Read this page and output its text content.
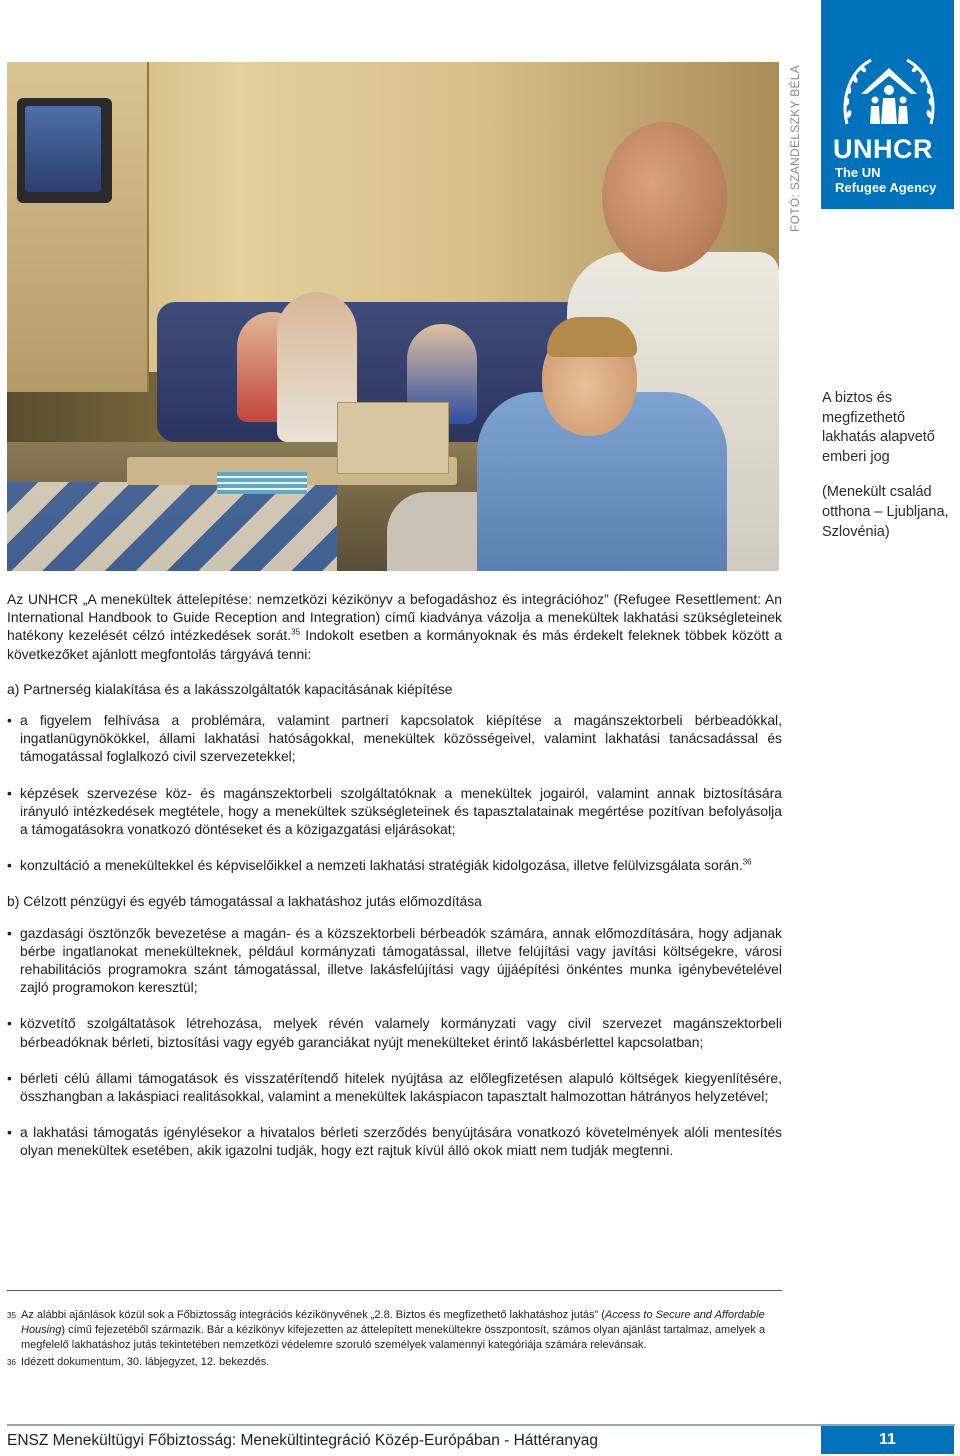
FOTÓ: SZANDELSZKY BÉLA UNHCR
The UN
Refugee Agency

A biztos és megfizethető lakhatás alapvető emberi jog

(Menekült család otthona – Ljubljana, Szlovénia)

Az UNHCR „A menekültek áttelepítése: nemzetközi kézikönyv a befogadáshoz és integrációhoz” (Refugee Resettlement: An International Handbook to Guide Reception and Integration) című kiadványa vázolja a menekültek lakhatási szükségleteinek hatékony kezelését célzó intézkedések sorát.$^{35}$ Indokolt esetben a kormányoknak és más érdekelt feleknek többek között a következőket ajánlott megfontolás tárgyává tenni:

a) Partnerség kialakítása és a lakásszolgáltatók kapacitásának kiépítése

• a figyelem felhívása a problémára, valamint partneri kapcsolatok kiépítése a magánszektorbeli bérbeadókkal, ingatlanügynökökkel, állami lakhatási hatóságokkal, menekültek közösségeivel, valamint lakhatási tanácsadással és támogatással foglalkozó civil szervezetekkel;
• képzések szervezése köz- és magánszektorbeli szolgáltatóknak a menekültek jogairól, valamint annak biztosítására irányuló intézkedések megtétele, hogy a menekültek szükségleteinek és tapasztalatainak megértése pozitívan befolyásolja a támogatásokra vonatkozó döntéseket és a közigazgatási eljárásokat;
• konzultáció a menekültekkel és képviselőikkel a nemzeti lakhatási stratégiák kidolgozása, illetve felülvizsgálata során.$^{36}$

b) Célzott pénzügyi és egyéb támogatással a lakhatáshoz jutás előmozdítása

• gazdasági ösztönzők bevezetése a magán- és a közszektorbeli bérbeadók számára, annak előmozdítására, hogy adjanak bérbe ingatlanokat menekülteknek, például kormányzati támogatással, illetve felújítási vagy javítási költségekre, városi rehabilitációs programokra szánt támogatással, illetve lakásfelújítási vagy újjáépítési önkéntes munka igénybevételével zajló programokon keresztül;
• közvetítő szolgáltatások létrehozása, melyek révén valamely kormányzati vagy civil szervezet magánszektorbeli bérbeadóknak bérleti, biztosítási vagy egyéb garanciákat nyújt menekülteket érintő lakásbérlettel kapcsolatban;
• bérleti célú állami támogatások és visszatérítendő hitelek nyújtása az előlegfizetésen alapuló költségek kiegyenlítésére, összhangban a lakáspiaci realitásokkal, valamint a menekültek lakáspiacon tapasztalt halmozottan hátrányos helyzetével;
• a lakhatási támogatás igénylésekor a hivatalos bérleti szerződés benyújtására vonatkozó követelmények alóli mentesítés olyan menekültek esetében, akik igazolni tudják, hogy ezt rajtuk kívül álló okok miatt nem tudják megtenni.
35 Az alábbi ajánlások közül sok a Főbiztosság integrációs kézikönyvének „2.8. Biztos és megfizethető lakhatáshoz jutás” (Access to Secure and Affordable Housing) című fejezetéből származik. Bár a kézikönyv kifejezetten az áttelepített menekültekre összpontosít, számos olyan ajánlást tartalmaz, amelyek a megfelelő lakhatáshoz jutás tekintetében nemzetközi védelemre szoruló személyek valamennyi kategóriája számára relevánsak.
36 Idézett dokumentum, 30. lábjegyzet, 12. bekezdés.
ENSZ Menekültügyi Főbiztosság: Menekültintegráció Közép-Európában - Háttéranyag	11
